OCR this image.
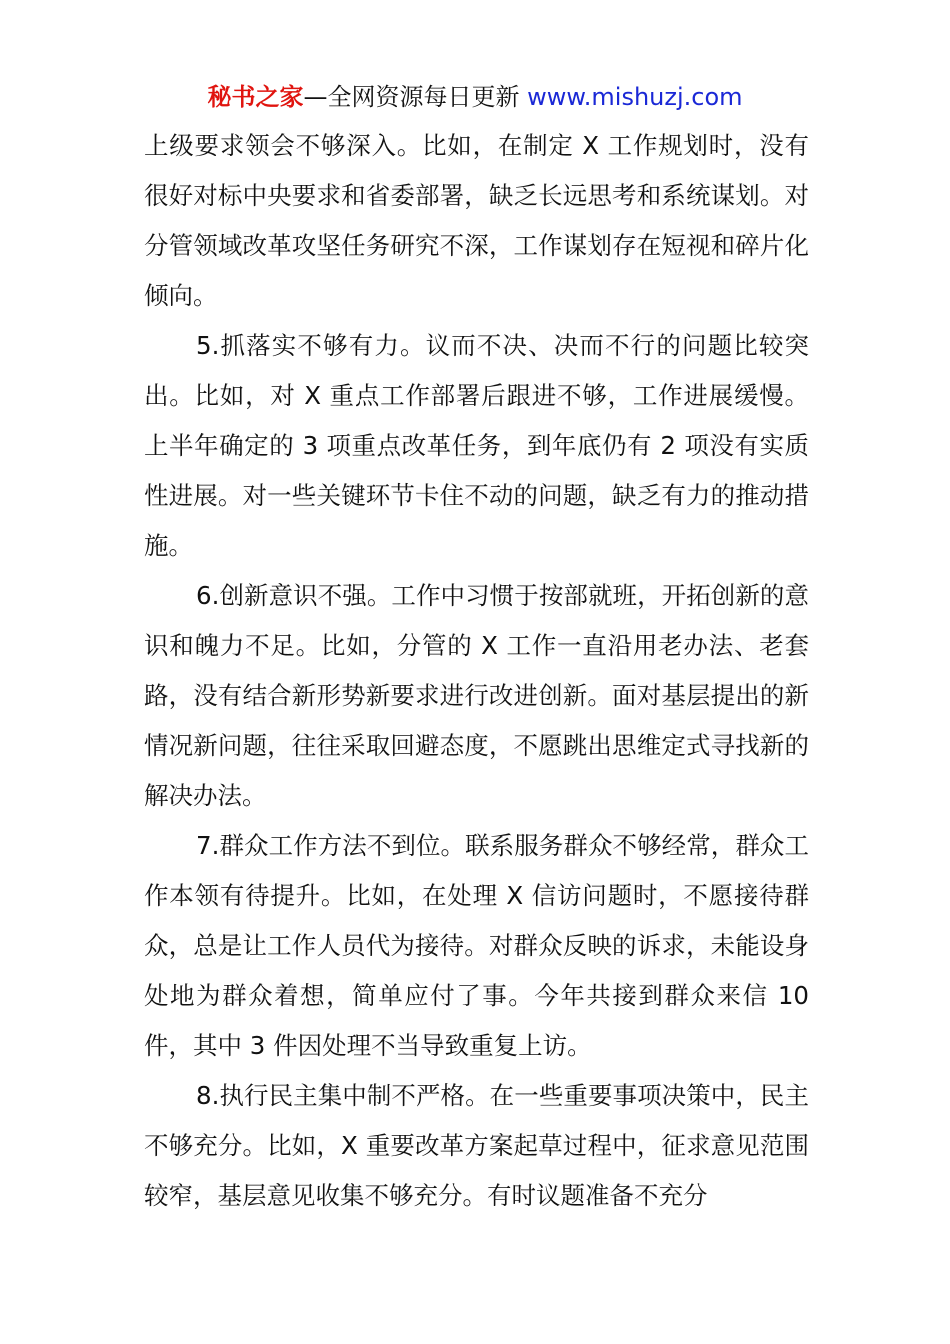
秘书之家—全网资源每日更新 www.mishuzj.com

上级要求领会不够深入。比如，在制定 X 工作规划时，没有很好对标中央要求和省委部署，缺乏长远思考和系统谋划。对分管领域改革攻坚任务研究不深，工作谋划存在短视和碎片化倾向。

5.抓落实不够有力。议而不决、决而不行的问题比较突出。比如，对 X 重点工作部署后跟进不够，工作进展缓慢。上半年确定的 3 项重点改革任务，到年底仍有 2 项没有实质性进展。对一些关键环节卡住不动的问题，缺乏有力的推动措施。

6.创新意识不强。工作中习惯于按部就班，开拓创新的意识和魄力不足。比如，分管的 X 工作一直沿用老办法、老套路，没有结合新形势新要求进行改进创新。面对基层提出的新情况新问题，往往采取回避态度，不愿跳出思维定式寻找新的解决办法。

7.群众工作方法不到位。联系服务群众不够经常，群众工作本领有待提升。比如，在处理 X 信访问题时，不愿接待群众，总是让工作人员代为接待。对群众反映的诉求，未能设身处地为群众着想，简单应付了事。今年共接到群众来信 10 件，其中 3 件因处理不当导致重复上访。

8.执行民主集中制不严格。在一些重要事项决策中，民主不够充分。比如，X 重要改革方案起草过程中，征求意见范围较窄，基层意见收集不够充分。有时议题准备不充分
